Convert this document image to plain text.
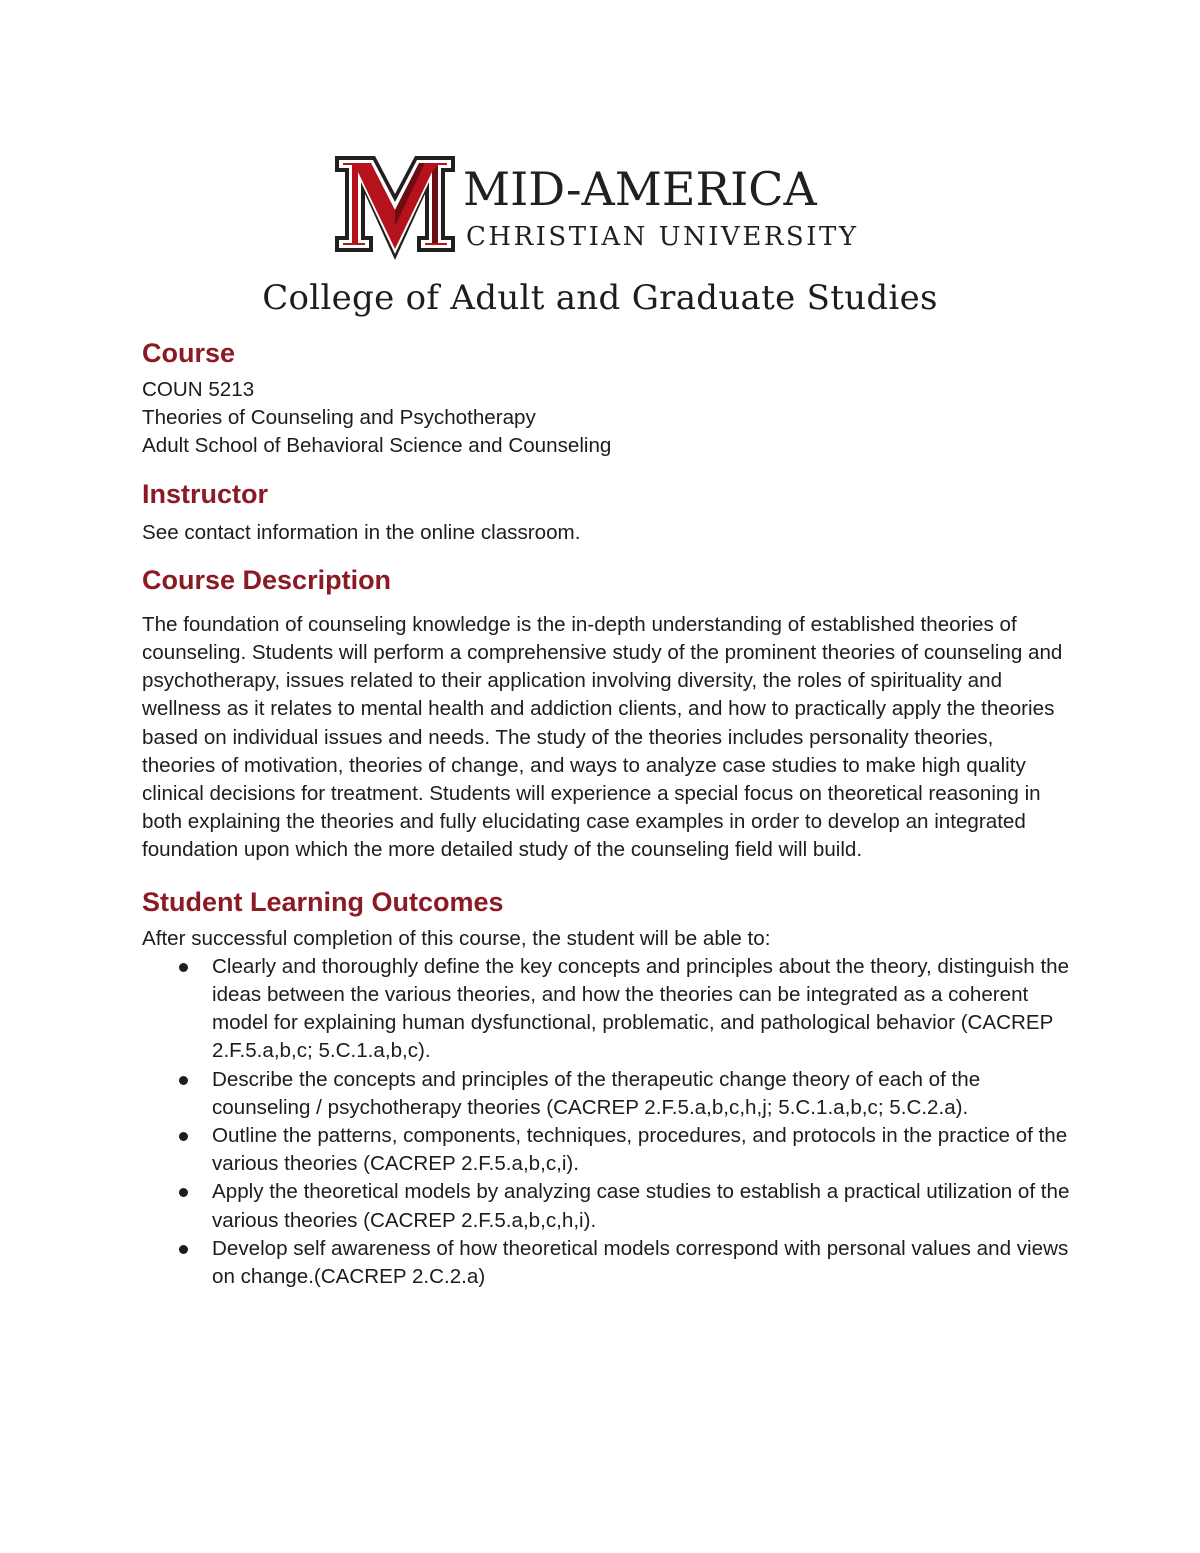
MID-AMERICA
CHRISTIAN UNIVERSITY
College of Adult and Graduate Studies
Course
COUN 5213
Theories of Counseling and Psychotherapy
Adult School of Behavioral Science and Counseling
Instructor

See contact information in the online classroom.

Course Description

The foundation of counseling knowledge is the in-depth understanding of established theories of counseling. Students will perform a comprehensive study of the prominent theories of counseling and psychotherapy, issues related to their application involving diversity, the roles of spirituality and wellness as it relates to mental health and addiction clients, and how to practically apply the theories based on individual issues and needs. The study of the theories includes personality theories, theories of motivation, theories of change, and ways to analyze case studies to make high quality clinical decisions for treatment. Students will experience a special focus on theoretical reasoning in both explaining the theories and fully elucidating case examples in order to develop an integrated foundation upon which the more detailed study of the counseling field will build.

Student Learning Outcomes

After successful completion of this course, the student will be able to:

Clearly and thoroughly define the key concepts and principles about the theory, distinguish the ideas between the various theories, and how the theories can be integrated as a coherent model for explaining human dysfunctional, problematic, and pathological behavior (CACREP 2.F.5.a,b,c; 5.C.1.a,b,c).
Describe the concepts and principles of the therapeutic change theory of each of the counseling / psychotherapy theories (CACREP 2.F.5.a,b,c,h,j; 5.C.1.a,b,c; 5.C.2.a).
Outline the patterns, components, techniques, procedures, and protocols in the practice of the various theories (CACREP 2.F.5.a,b,c,i).
Apply the theoretical models by analyzing case studies to establish a practical utilization of the various theories (CACREP 2.F.5.a,b,c,h,i).
Develop self awareness of how theoretical models correspond with personal values and views on change.(CACREP 2.C.2.a)
